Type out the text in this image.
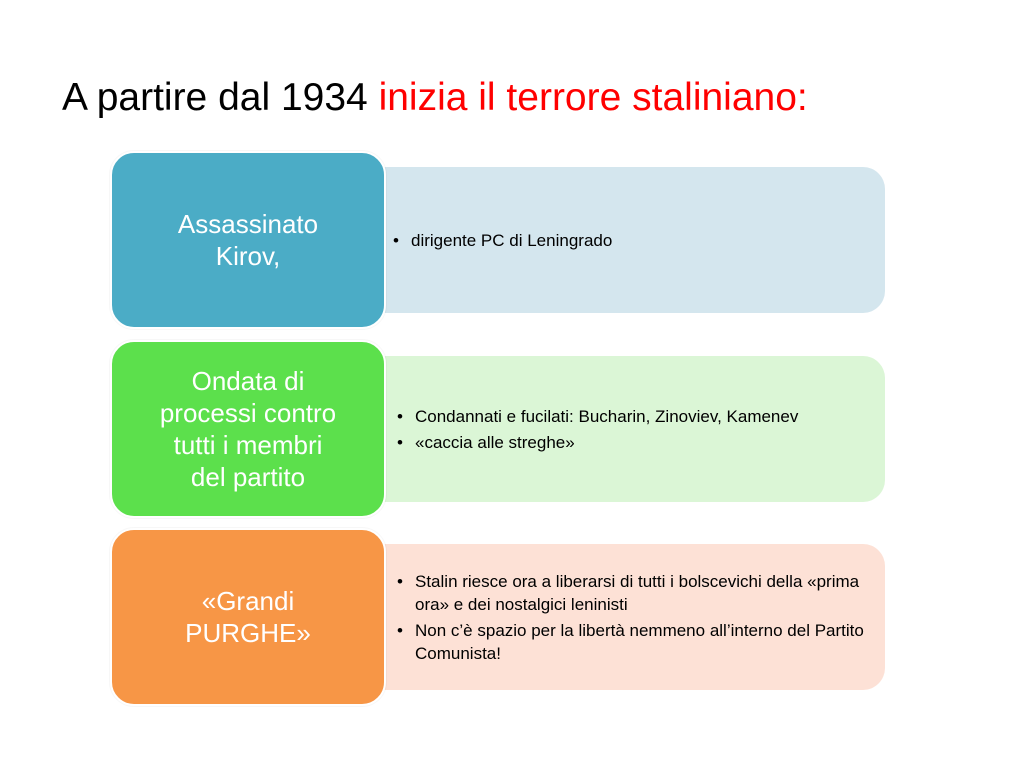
A partire dal 1934 inizia il terrore staliniano:
• dirigente PC di Leningrado
Assassinato
Kirov,
• Condannati e fucilati: Bucharin, Zinoviev, Kamenev
• «caccia alle streghe»
Ondata di
processi contro
tutti i membri
del partito
• Stalin riesce ora a liberarsi di tutti i bolscevichi della «prima ora» e dei nostalgici leninisti
• Non c’è spazio per la libertà nemmeno all’interno del Partito Comunista!
«Grandi
PURGHE»
